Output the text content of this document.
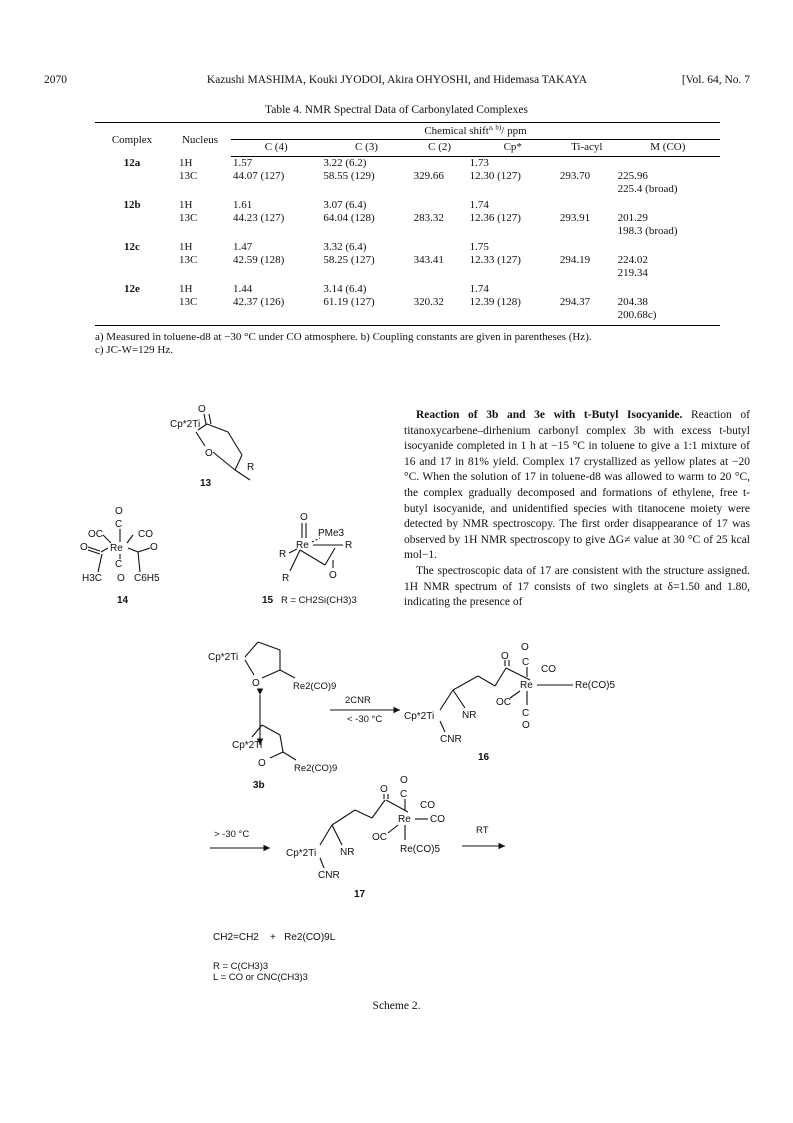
2070	Kazushi MASHIMA, Kouki JYODOI, Akira OHYOSHI, and Hidemasa TAKAYA	[Vol. 64, No. 7
Table 4. NMR Spectral Data of Carbonylated Complexes
Complex	Nucleus	Chemical shift$^{a, b)}$/ ppm					
		C (4)	C (3)	C (2)	Cp*	Ti-acyl	M (CO)
12a	1H	1.57	3.22 (6.2)		1.73		
	13C	44.07 (127)	58.55 (129)	329.66	12.30 (127)	293.70	225.96
							225.4 (broad)
12b	1H	1.61	3.07 (6.4)		1.74		
	13C	44.23 (127)	64.04 (128)	283.32	12.36 (127)	293.91	201.29
							198.3 (broad)
12c	1H	1.47	3.32 (6.4)		1.75		
	13C	42.59 (128)	58.25 (127)	343.41	12.33 (127)	294.19	224.02
							219.34
12e	1H	1.44	3.14 (6.4)		1.74		
	13C	42.37 (126)	61.19 (127)	320.32	12.39 (128)	294.37	204.38
							200.68c)
a) Measured in toluene-d8 at −30 °C under CO atmosphere. b) Coupling constants are given in parentheses (Hz).
c) JC-W=129 Hz.

Reaction of 3b and 3e with t-Butyl Isocyanide. Reaction of titanoxycarbene–dirhenium carbonyl complex 3b with excess t-butyl isocyanide completed in 1 h at −15 °C in toluene to give a 1:1 mixture of 16 and 17 in 81% yield. Complex 17 crystallized as yellow plates at −20 °C. When the solution of 17 in toluene-d8 was allowed to warm to 20 °C, the complex gradually decomposed and formations of ethylene, free t-butyl isocyanide, and unidentified species with titanocene moiety were detected by NMR spectroscopy. The first order disappearance of 17 was observed by 1H NMR spectroscopy to give ΔG≠ value at 30 °C of 25 kcal mol−1.

The spectroscopic data of 17 are consistent with the structure assigned. 1H NMR spectrum of 17 consists of two singlets at δ=1.50 and 1.80, indicating the presence of

Cp*2Ti
O
O
R
13
O
C
OC	CO
Re
O	O
C
H3C O C6H5
14
O
Re
PMe3
R
R
O
R
15 R = CH2Si(CH3)3
Cp*2Ti
O	Re2(CO)9
Cp*2Ti
O	Re2(CO)9
3b
2CNR
< -30 °C Cp*2Ti	NR
O
O
C
CO
Re	Re(CO)5
OC
C
O
CNR
16
> -30 °C
Cp*2Ti NR
O
O
C
CO
Re CO
OC
Re(CO)5
CNR
17
RT
CH2=CH2    +   Re2(CO)9L
R = C(CH3)3
L = CO or CNC(CH3)3
Scheme 2.
